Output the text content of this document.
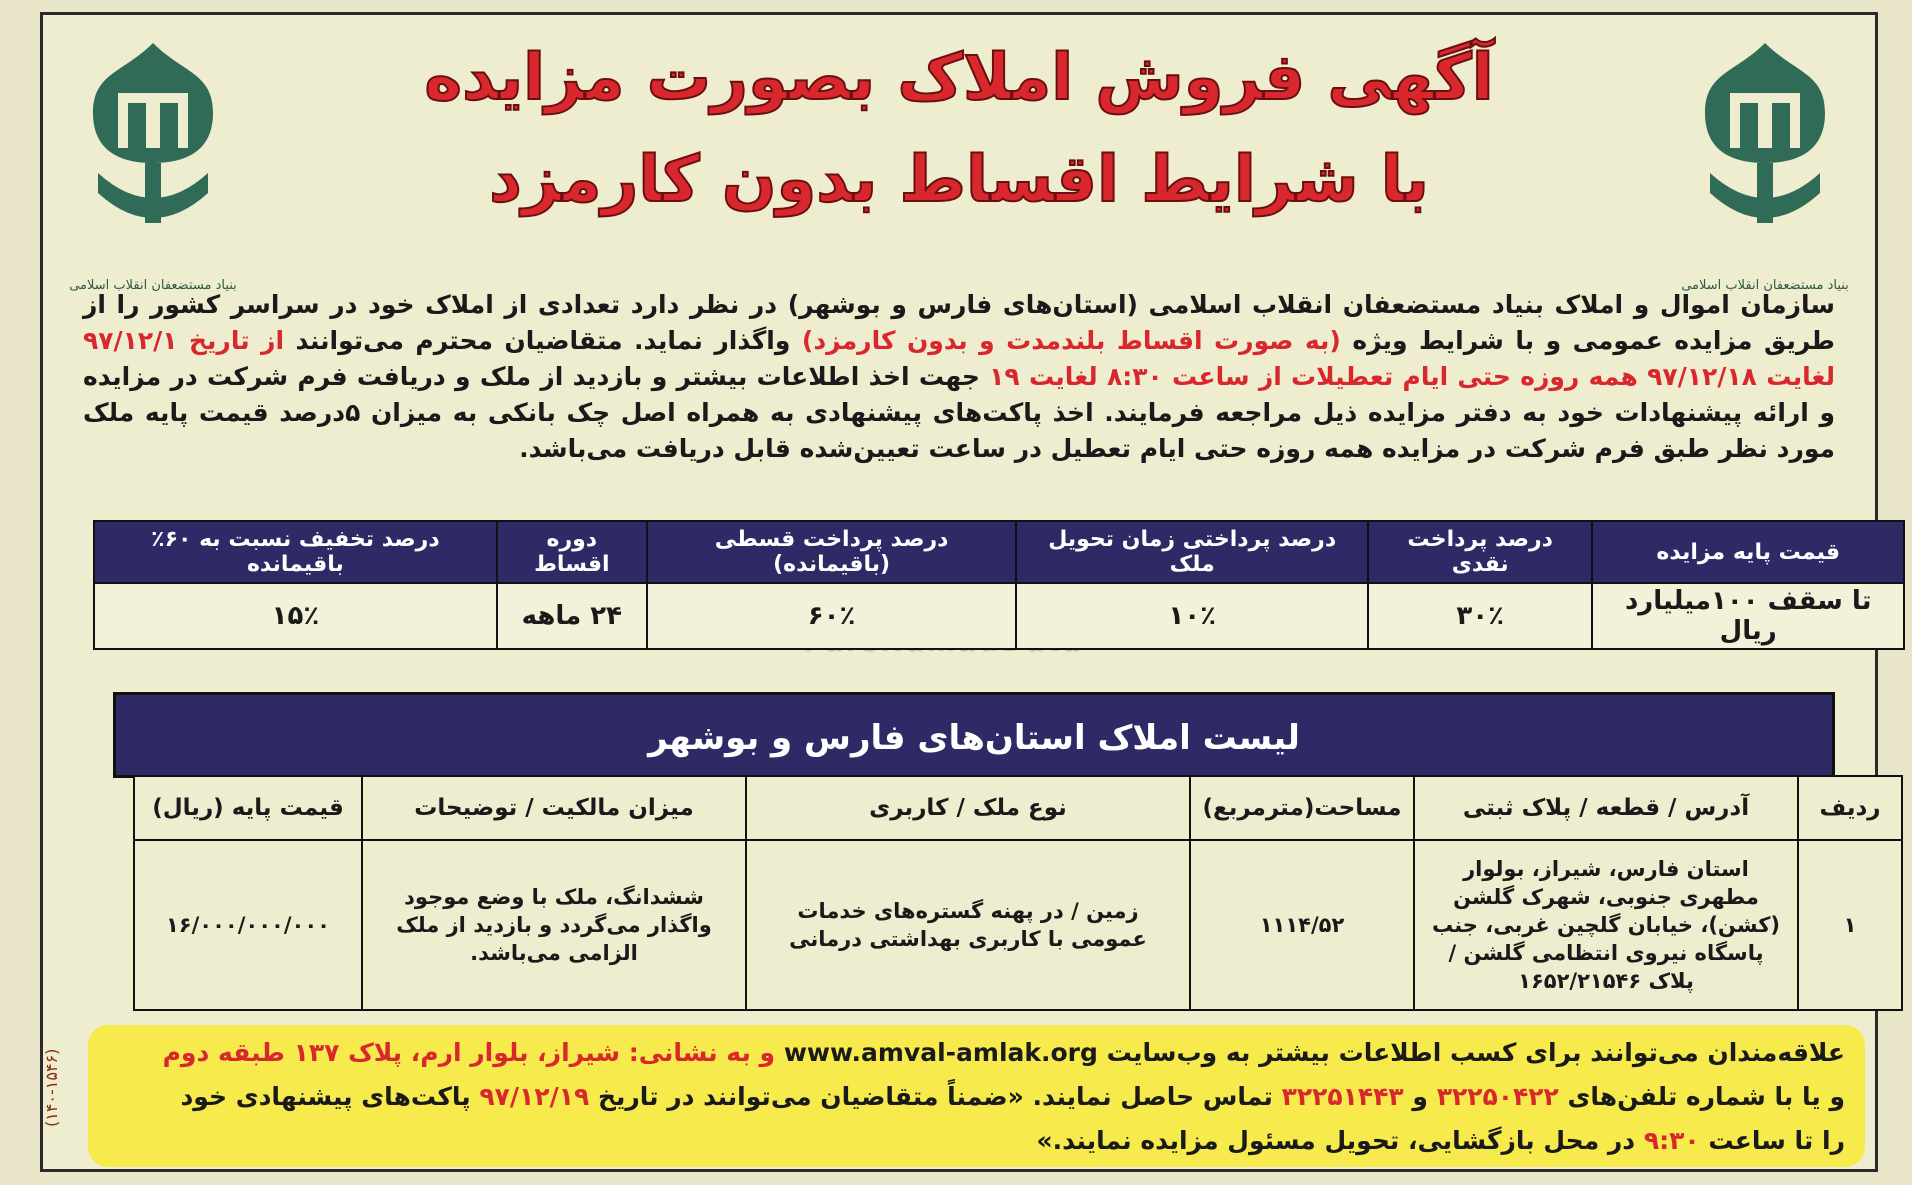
بنیاد مستضعفان انقلاب اسلامی
بنیاد مستضعفان انقلاب اسلامی
آگهی فروش املاک بصورت مزایده
با شرایط اقساط بدون کارمزد
سازمان اموال و املاک بنیاد مستضعفان انقلاب اسلامی (استان‌های فارس و بوشهر) در نظر دارد تعدادی از املاک خود در سراسر کشور را از طریق مزایده عمومی و با شرایط ویژه (به صورت اقساط بلندمدت و بدون کارمزد) واگذار نماید. متقاضیان محترم می‌توانند از تاریخ ۹۷/۱۲/۱ لغایت ۹۷/۱۲/۱۸ همه روزه حتی ایام تعطیلات از ساعت ۸:۳۰ لغایت ۱۹ جهت اخذ اطلاعات بیشتر و بازدید از ملک و دریافت فرم شرکت در مزایده و ارائه پیشنهادات خود به دفتر مزایده ذیل مراجعه فرمایند. اخذ پاکت‌های پیشنهادی به همراه اصل چک بانکی به میزان ۵درصد قیمت پایه ملک مورد نظر طبق فرم شرکت در مزایده همه روزه حتی ایام تعطیل در ساعت تعیین‌شده قابل دریافت می‌باشد.
قیمت پایه مزایده	درصد پرداخت نقدی	درصد پرداختی زمان تحویل ملک	درصد پرداخت قسطی (باقیمانده)	دوره اقساط	درصد تخفیف نسبت به ۶۰٪ باقیمانده
تا سقف ۱۰۰میلیارد ریال	۳۰٪	۱۰٪	۶۰٪	۲۴ ماهه	۱۵٪
لیست املاک استان‌های فارس و بوشهر
ردیف	آدرس / قطعه / پلاک ثبتی	مساحت(مترمربع)	نوع ملک / کاربری	میزان مالکیت / توضیحات	قیمت پایه (ریال)
۱	استان فارس، شیراز، بولوار مطهری جنوبی، شهرک گلشن (کشن)، خیابان گلچین غربی، جنب پاسگاه نیروی انتظامی گلشن / پلاک ۱۶۵۲/۲۱۵۴۶	۱۱۱۴/۵۲	زمین / در پهنه گستره‌های خدمات عمومی با کاربری بهداشتی درمانی	ششدانگ، ملک با وضع موجود واگذار می‌گردد و بازدید از ملک الزامی می‌باشد.	۱۶/۰۰۰/۰۰۰/۰۰۰
علاقه‌مندان می‌توانند برای کسب اطلاعات بیشتر به وب‌سایت www.amval-amlak.org و به نشانی: شیراز، بلوار ارم، پلاک ۱۳۷ طبقه دوم و یا با شماره تلفن‌های ۳۲۲۵۰۴۲۲ و ۳۲۲۵۱۴۴۳ تماس حاصل نمایند. «ضمناً متقاضیان می‌توانند در تاریخ ۹۷/۱۲/۱۹ پاکت‌های پیشنهادی خود را تا ساعت ۹:۳۰ در محل بازگشایی، تحویل مسئول مزایده نمایند.»
(۱۴۰-۱۵۴۶)
